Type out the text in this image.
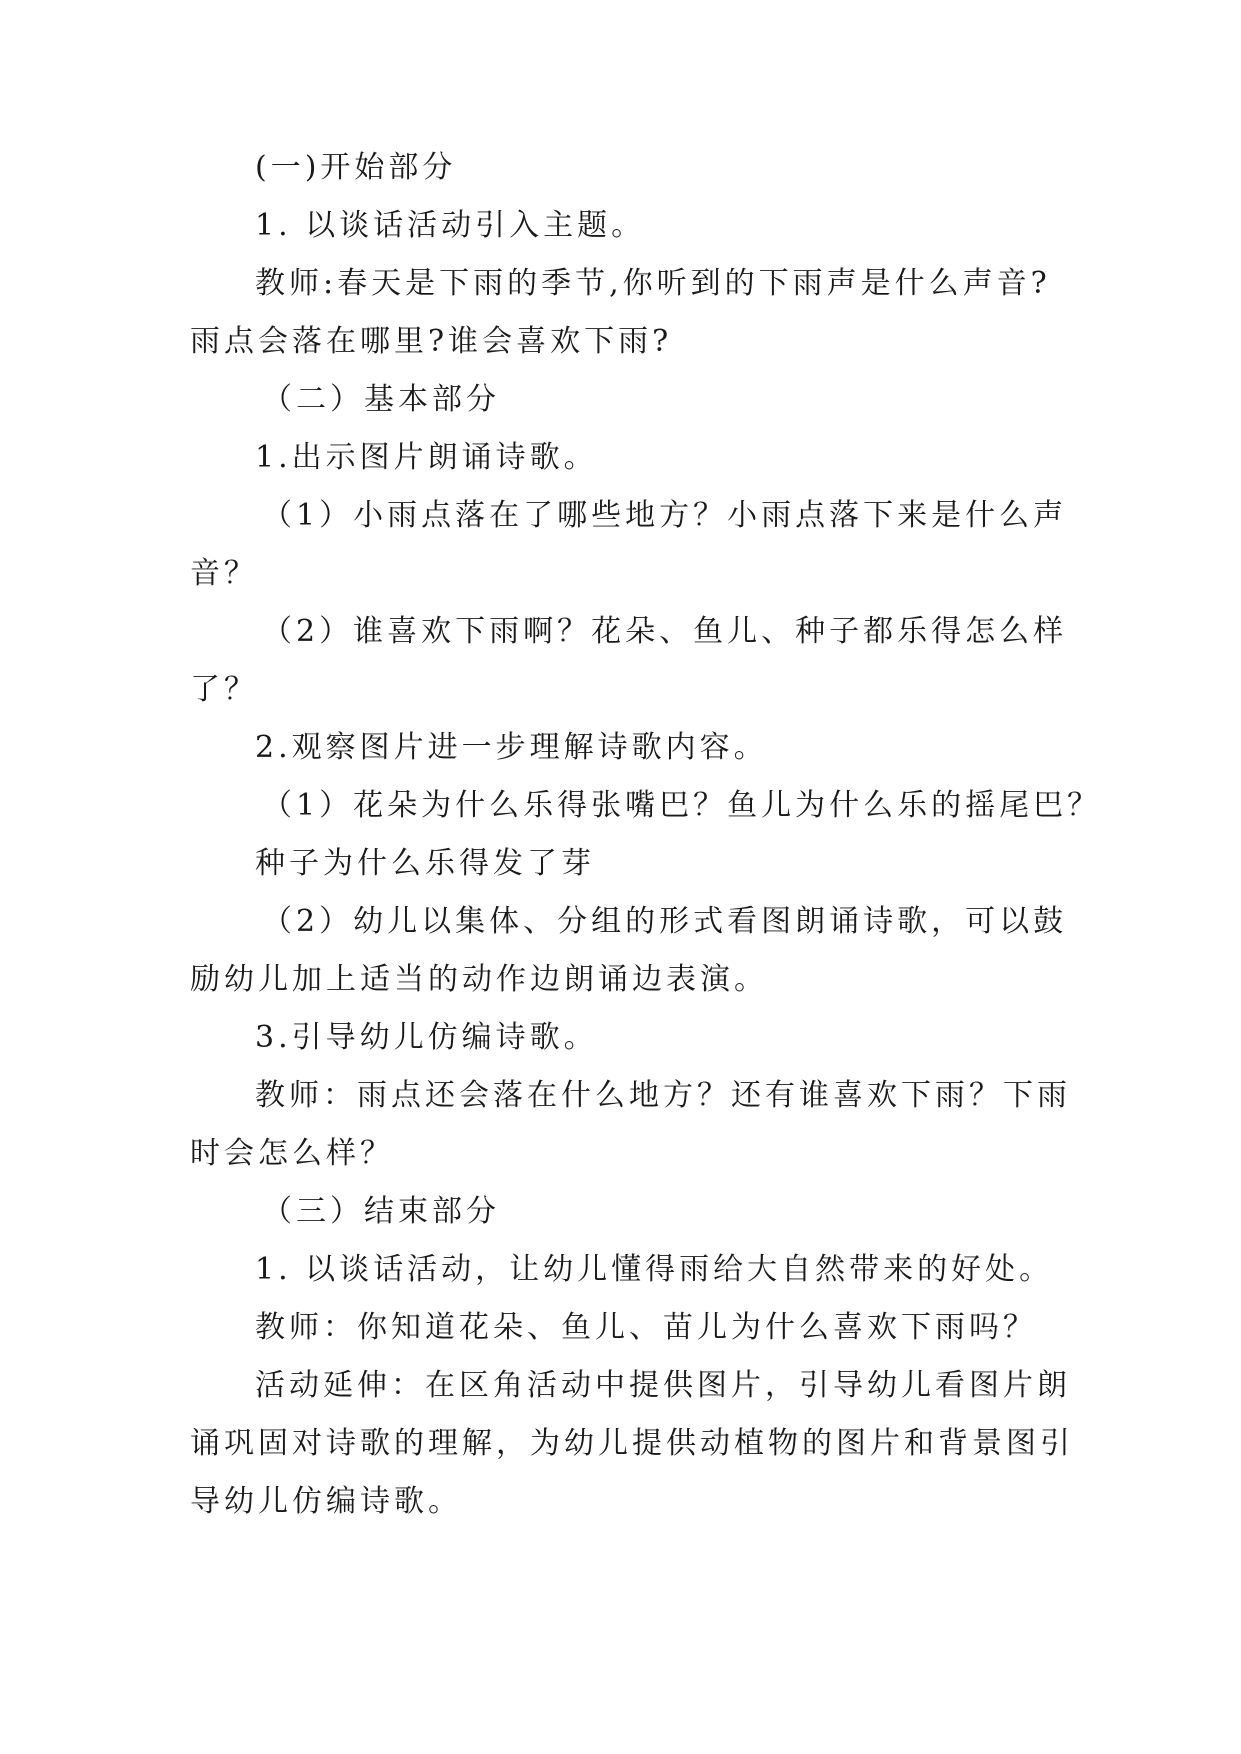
(一)开始部分
1. 以谈话活动引入主题。
教师:春天是下雨的季节,你听到的下雨声是什么声音?
雨点会落在哪里?谁会喜欢下雨?
（二）基本部分
1.出示图片朗诵诗歌。
（1）小雨点落在了哪些地方？小雨点落下来是什么声
音？
（2）谁喜欢下雨啊？花朵、鱼儿、种子都乐得怎么样
了？
2.观察图片进一步理解诗歌内容。
（1）花朵为什么乐得张嘴巴？鱼儿为什么乐的摇尾巴？
种子为什么乐得发了芽
（2）幼儿以集体、分组的形式看图朗诵诗歌，可以鼓
励幼儿加上适当的动作边朗诵边表演。
3.引导幼儿仿编诗歌。
教师：雨点还会落在什么地方？还有谁喜欢下雨？下雨
时会怎么样？
（三）结束部分
1. 以谈话活动，让幼儿懂得雨给大自然带来的好处。
教师：你知道花朵、鱼儿、苗儿为什么喜欢下雨吗？
活动延伸：在区角活动中提供图片，引导幼儿看图片朗
诵巩固对诗歌的理解，为幼儿提供动植物的图片和背景图引
导幼儿仿编诗歌。
